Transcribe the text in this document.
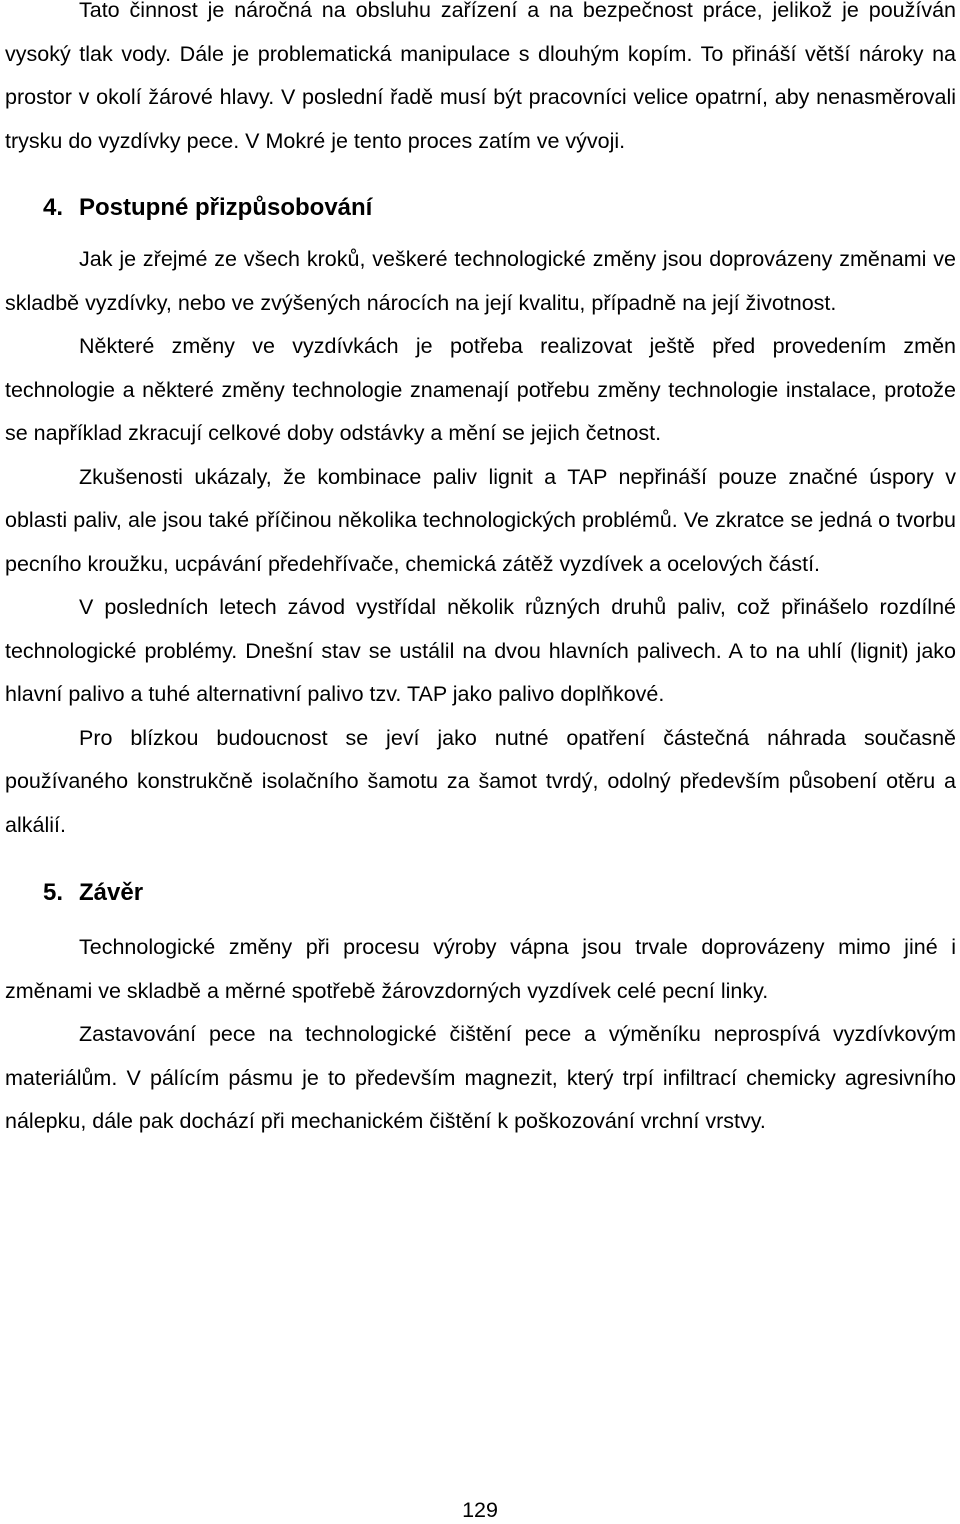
Tato činnost je náročná na obsluhu zařízení a na bezpečnost práce, jelikož je používán vysoký tlak vody. Dále je problematická manipulace s dlouhým kopím. To přináší větší nároky na prostor v okolí žárové hlavy. V poslední řadě musí být pracovníci velice opatrní, aby nenasměrovali trysku do vyzdívky pece. V Mokré je tento proces zatím ve vývoji.

4. Postupné přizpůsobování

Jak je zřejmé ze všech kroků, veškeré technologické změny jsou doprovázeny změnami ve skladbě vyzdívky, nebo ve zvýšených nárocích na její kvalitu, případně na její životnost.

Některé změny ve vyzdívkách je potřeba realizovat ještě před provedením změn technologie a některé změny technologie znamenají potřebu změny technologie instalace, protože se například zkracují celkové doby odstávky a mění se jejich četnost.

Zkušenosti ukázaly, že kombinace paliv lignit a TAP nepřináší pouze značné úspory v oblasti paliv, ale jsou také příčinou několika technologických problémů. Ve zkratce se jedná o tvorbu pecního kroužku, ucpávání předehřívače, chemická zátěž vyzdívek a ocelových částí.

V posledních letech závod vystřídal několik různých druhů paliv, což přinášelo rozdílné technologické problémy. Dnešní stav se ustálil na dvou hlavních palivech. A to na uhlí (lignit) jako hlavní palivo a tuhé alternativní palivo tzv. TAP jako palivo doplňkové.

Pro blízkou budoucnost se jeví jako nutné opatření částečná náhrada současně používaného konstrukčně isolačního šamotu za šamot tvrdý, odolný především působení otěru a alkálií.

5. Závěr

Technologické změny při procesu výroby vápna jsou trvale doprovázeny mimo jiné i změnami ve skladbě a měrné spotřebě žárovzdorných vyzdívek celé pecní linky.

Zastavování pece na technologické čištění pece a výměníku neprospívá vyzdívkovým materiálům. V pálícím pásmu je to především magnezit, který trpí infiltrací chemicky agresivního nálepku, dále pak dochází při mechanickém čištění k poškozování vrchní vrstvy.

129
